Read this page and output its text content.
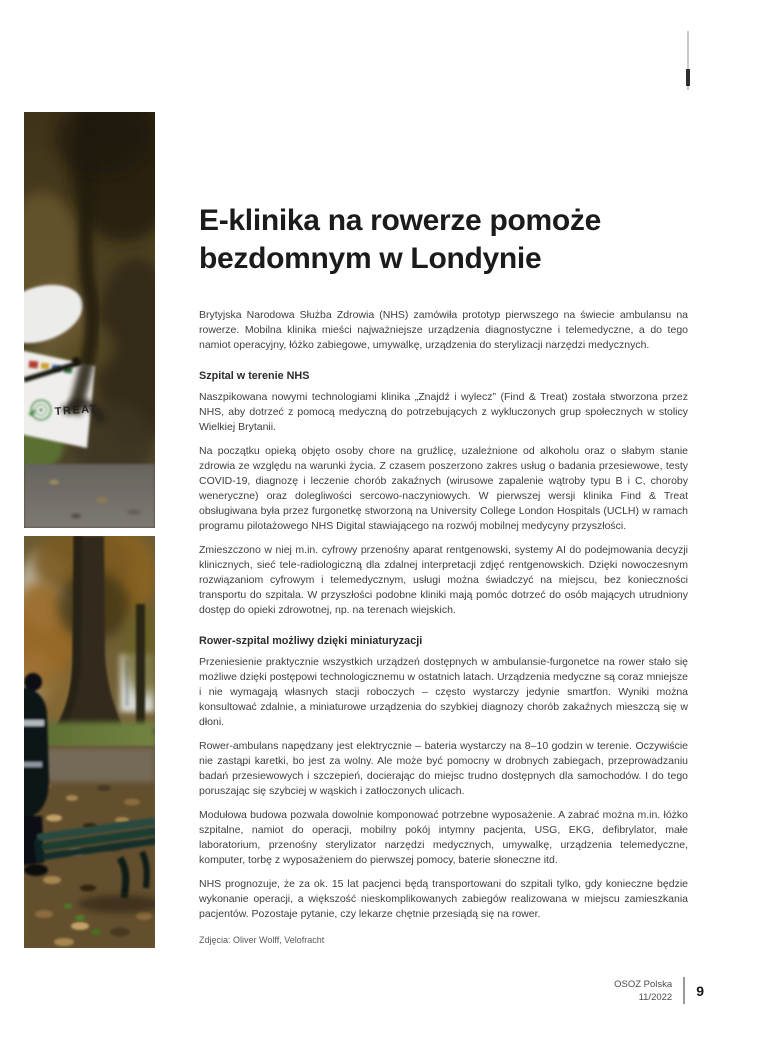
TREAT
E-klinika na rowerze pomoże bezdomnym w Londynie

Brytyjska Narodowa Służba Zdrowia (NHS) zamówiła prototyp pierwszego na świecie ambulansu na rowerze. Mobilna klinika mieści najważniejsze urządzenia diagnostyczne i telemedyczne, a do tego namiot operacyjny, łóżko zabiegowe, umywalkę, urządzenia do sterylizacji narzędzi medycznych.

Szpital w terenie NHS

Naszpikowana nowymi technologiami klinika „Znajdź i wylecz” (Find & Treat) została stworzona przez NHS, aby dotrzeć z pomocą medyczną do potrzebujących z wykluczonych grup społecznych w stolicy Wielkiej Brytanii.

Na początku opieką objęto osoby chore na gruźlicę, uzależnione od alkoholu oraz o słabym stanie zdrowia ze względu na warunki życia. Z czasem poszerzono zakres usług o badania przesiewowe, testy COVID-19, diagnozę i leczenie chorób zakaźnych (wirusowe zapalenie wątroby typu B i C, choroby weneryczne) oraz dolegliwości sercowo-naczyniowych. W pierwszej wersji klinika Find & Treat obsługiwana była przez furgonetkę stworzoną na University College London Hospitals (UCLH) w ramach programu pilotażowego NHS Digital stawiającego na rozwój mobilnej medycyny przyszłości.

Zmieszczono w niej m.in. cyfrowy przenośny aparat rentgenowski, systemy AI do podejmowania decyzji klinicznych, sieć tele-radiologiczną dla zdalnej interpretacji zdjęć rentgenowskich. Dzięki nowoczesnym rozwiązaniom cyfrowym i telemedycznym, usługi można świadczyć na miejscu, bez konieczności transportu do szpitala. W przyszłości podobne kliniki mają pomóc dotrzeć do osób mających utrudniony dostęp do opieki zdrowotnej, np. na terenach wiejskich.

Rower-szpital możliwy dzięki miniaturyzacji

Przeniesienie praktycznie wszystkich urządzeń dostępnych w ambulansie-furgonetce na rower stało się możliwe dzięki postępowi technologicznemu w ostatnich latach. Urządzenia medyczne są coraz mniejsze i nie wymagają własnych stacji roboczych – często wystarczy jedynie smartfon. Wyniki można konsultować zdalnie, a miniaturowe urządzenia do szybkiej diagnozy chorób zakaźnych mieszczą się w dłoni.

Rower-ambulans napędzany jest elektrycznie – bateria wystarczy na 8–10 godzin w terenie. Oczywiście nie zastąpi karetki, bo jest za wolny. Ale może być pomocny w drobnych zabiegach, przeprowadzaniu badań przesiewowych i szczepień, docierając do miejsc trudno dostępnych dla samochodów. I do tego poruszając się szybciej w wąskich i zatłoczonych ulicach.

Modułowa budowa pozwala dowolnie komponować potrzebne wyposażenie. A zabrać można m.in. łóżko szpitalne, namiot do operacji, mobilny pokój intymny pacjenta, USG, EKG, defibrylator, małe laboratorium, przenośny sterylizator narzędzi medycznych, umywalkę, urządzenia telemedyczne, komputer, torbę z wyposażeniem do pierwszej pomocy, baterie słoneczne itd.

NHS prognozuje, że za ok. 15 lat pacjenci będą transportowani do szpitali tylko, gdy konieczne będzie wykonanie operacji, a większość nieskomplikowanych zabiegów realizowana w miejscu zamieszkania pacjentów. Pozostaje pytanie, czy lekarze chętnie przesiądą się na rower.

Zdjęcia: Oliver Wolff, Velofracht

OSOZ Polska
11/2022 9
